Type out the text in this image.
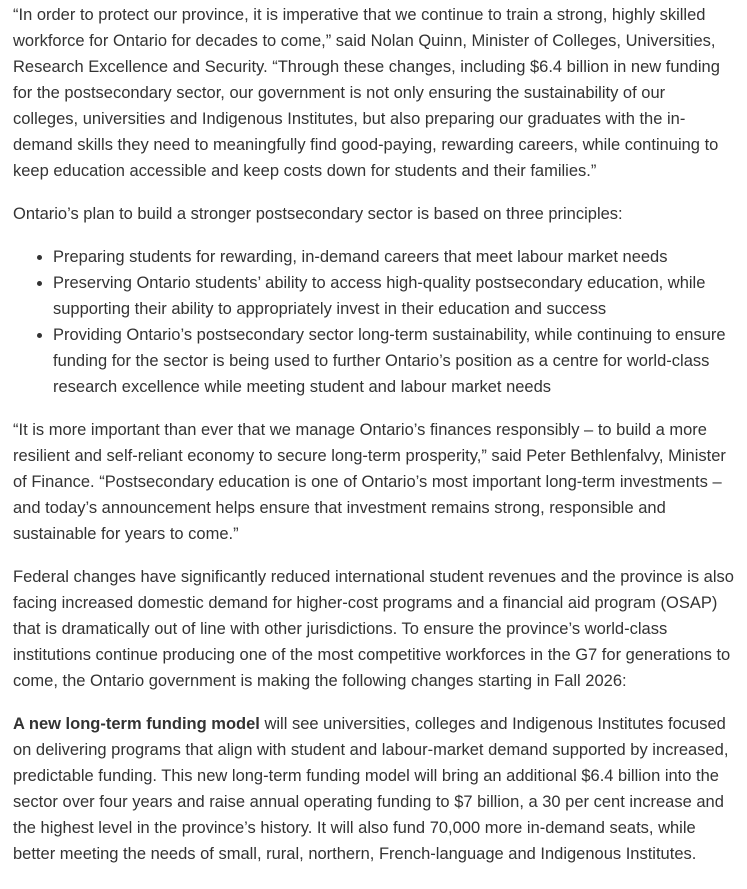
“In order to protect our province, it is imperative that we continue to train a strong, highly skilled workforce for Ontario for decades to come,” said Nolan Quinn, Minister of Colleges, Universities, Research Excellence and Security. “Through these changes, including $6.4 billion in new funding for the postsecondary sector, our government is not only ensuring the sustainability of our colleges, universities and Indigenous Institutes, but also preparing our graduates with the in-demand skills they need to meaningfully find good-paying, rewarding careers, while continuing to keep education accessible and keep costs down for students and their families.”

Ontario’s plan to build a stronger postsecondary sector is based on three principles:

• Preparing students for rewarding, in-demand careers that meet labour market needs
• Preserving Ontario students’ ability to access high-quality postsecondary education, while supporting their ability to appropriately invest in their education and success
• Providing Ontario’s postsecondary sector long-term sustainability, while continuing to ensure funding for the sector is being used to further Ontario’s position as a centre for world-class research excellence while meeting student and labour market needs

“It is more important than ever that we manage Ontario’s finances responsibly – to build a more resilient and self-reliant economy to secure long-term prosperity,” said Peter Bethlenfalvy, Minister of Finance. “Postsecondary education is one of Ontario’s most important long-term investments – and today’s announcement helps ensure that investment remains strong, responsible and sustainable for years to come.”

Federal changes have significantly reduced international student revenues and the province is also facing increased domestic demand for higher-cost programs and a financial aid program (OSAP) that is dramatically out of line with other jurisdictions. To ensure the province’s world-class institutions continue producing one of the most competitive workforces in the G7 for generations to come, the Ontario government is making the following changes starting in Fall 2026:

A new long-term funding model will see universities, colleges and Indigenous Institutes focused on delivering programs that align with student and labour-market demand supported by increased, predictable funding. This new long-term funding model will bring an additional $6.4 billion into the sector over four years and raise annual operating funding to $7 billion, a 30 per cent increase and the highest level in the province’s history. It will also fund 70,000 more in-demand seats, while better meeting the needs of small, rural, northern, French-language and Indigenous Institutes.
